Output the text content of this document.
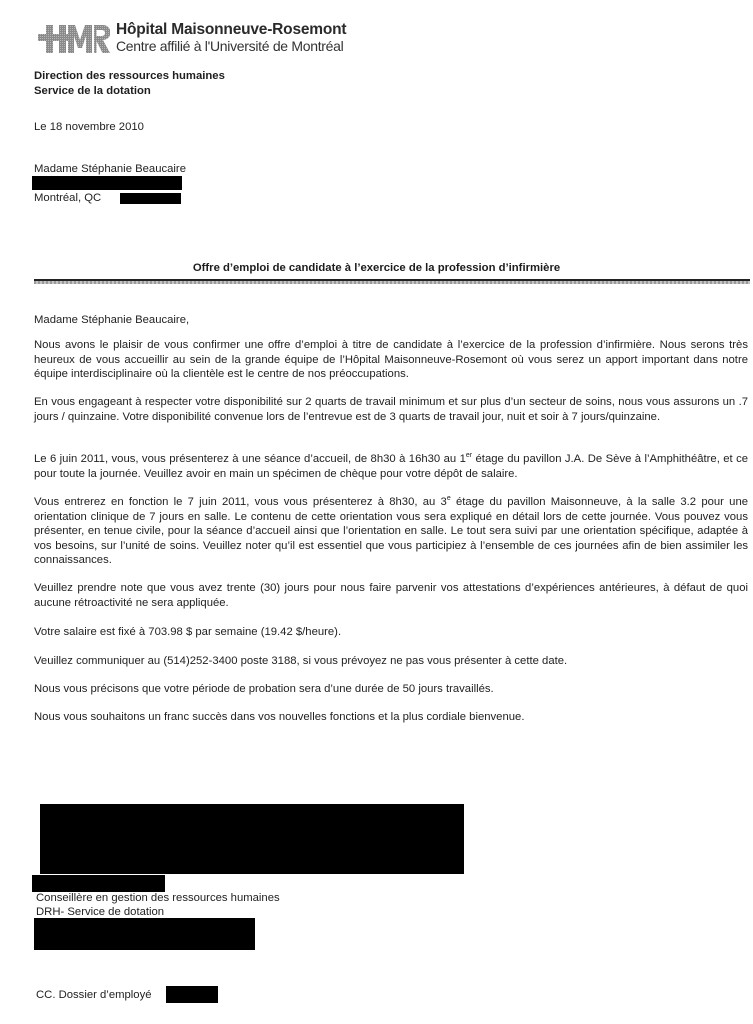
Hôpital Maisonneuve-Rosemont
Centre affilié à l'Université de Montréal
Direction des ressources humaines
Service de la dotation
Le 18 novembre 2010
Madame Stéphanie Beaucaire
Montréal, QC
Offre d’emploi de candidate à l’exercice de la profession d’infirmière
Madame Stéphanie Beaucaire,

Nous avons le plaisir de vous confirmer une offre d’emploi à titre de candidate à l’exercice de la profession d’infirmière. Nous serons très heureux de vous accueillir au sein de la grande équipe de l’Hôpital Maisonneuve-Rosemont où vous serez un apport important dans notre équipe interdisciplinaire où la clientèle est le centre de nos préoccupations.

En vous engageant à respecter votre disponibilité sur 2 quarts de travail minimum et sur plus d’un secteur de soins, nous vous assurons un .7 jours / quinzaine. Votre disponibilité convenue lors de l’entrevue est de 3 quarts de travail jour, nuit et soir à 7 jours/quinzaine.

Le 6 juin 2011, vous, vous présenterez à une séance d’accueil, de 8h30 à 16h30 au 1er étage du pavillon J.A. De Sève à l’Amphithéâtre, et ce pour toute la journée. Veuillez avoir en main un spécimen de chèque pour votre dépôt de salaire.

Vous entrerez en fonction le 7 juin 2011, vous vous présenterez à 8h30, au 3e étage du pavillon Maisonneuve, à la salle 3.2 pour une orientation clinique de 7 jours en salle. Le contenu de cette orientation vous sera expliqué en détail lors de cette journée. Vous pouvez vous présenter, en tenue civile, pour la séance d’accueil ainsi que l’orientation en salle. Le tout sera suivi par une orientation spécifique, adaptée à vos besoins, sur l’unité de soins. Veuillez noter qu’il est essentiel que vous participiez à l’ensemble de ces journées afin de bien assimiler les connaissances.

Veuillez prendre note que vous avez trente (30) jours pour nous faire parvenir vos attestations d’expériences antérieures, à défaut de quoi aucune rétroactivité ne sera appliquée.

Votre salaire est fixé à 703.98 $ par semaine (19.42 $/heure).

Veuillez communiquer au (514)252-3400 poste 3188, si vous prévoyez ne pas vous présenter à cette date.

Nous vous précisons que votre période de probation sera d’une durée de 50 jours travaillés.

Nous vous souhaitons un franc succès dans vos nouvelles fonctions et la plus cordiale bienvenue.

Conseillère en gestion des ressources humaines
DRH- Service de dotation
CC. Dossier d’employé
